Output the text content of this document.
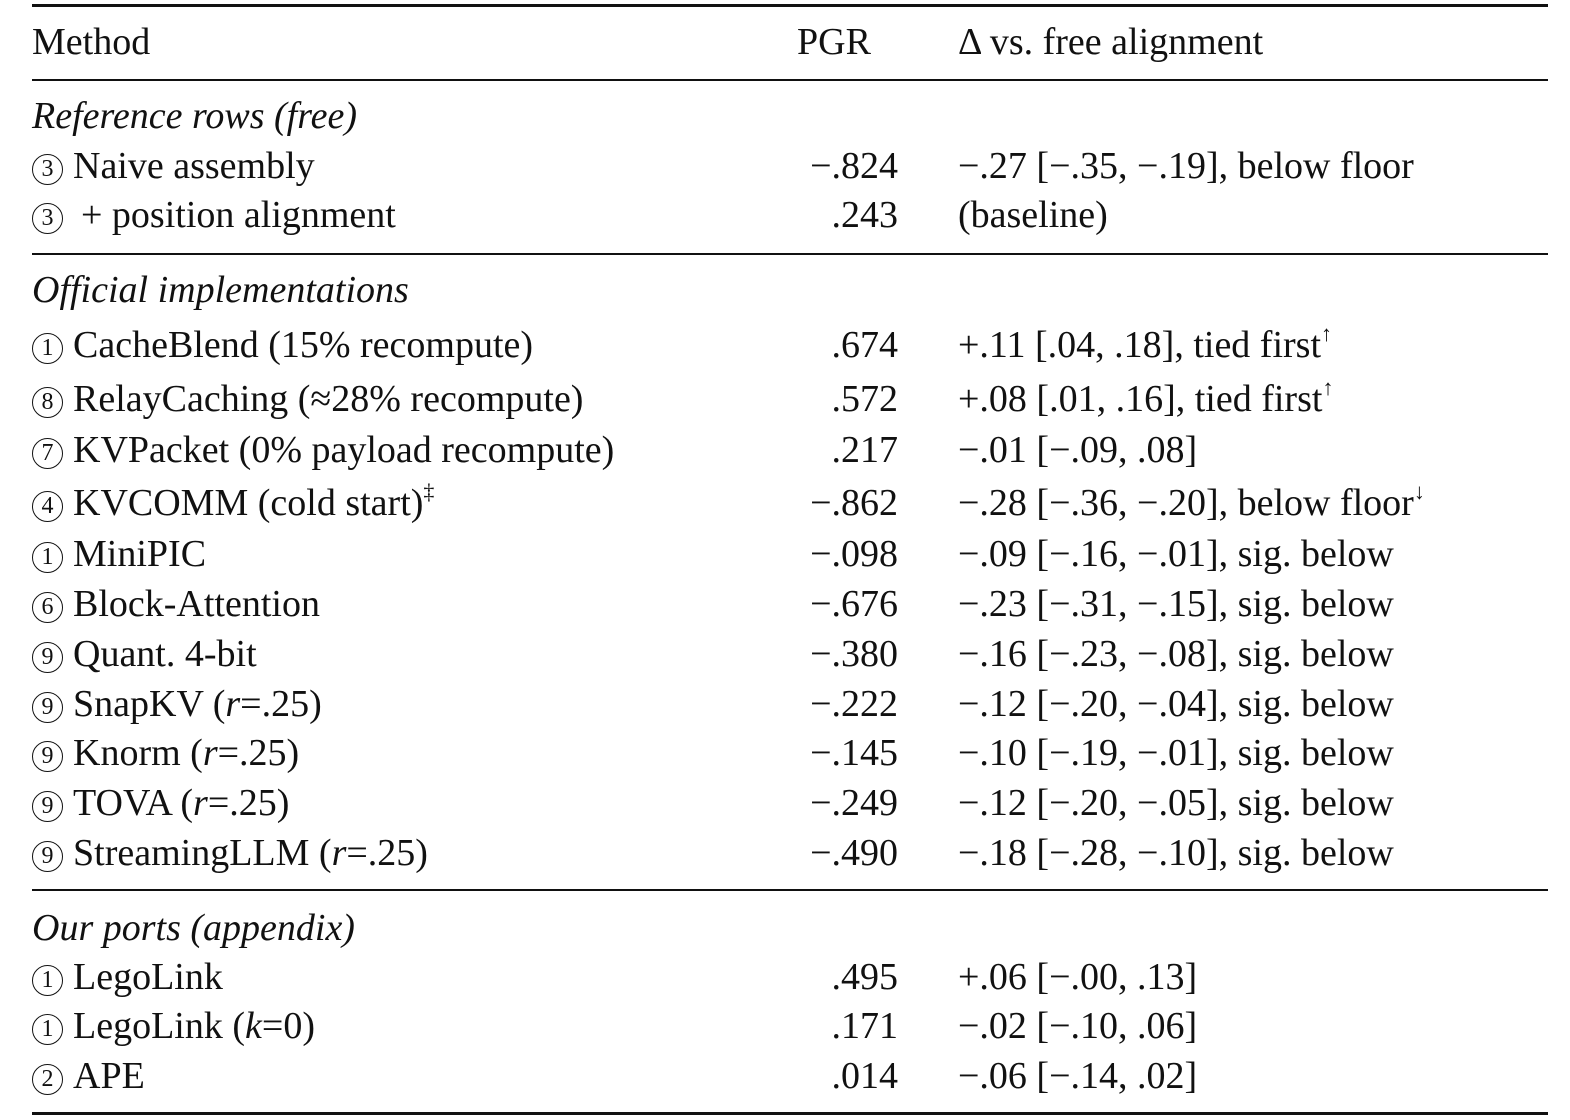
Method	PGR Δ vs. free alignment
Reference rows (free)
3 Naive assembly	−.824 −.27 [−.35, −.19], below floor
3 + position alignment	.243 (baseline)
Official implementations
1 CacheBlend (15% recompute)	.674 +.11 [.04, .18], tied first↑
8 RelayCaching (≈28% recompute)	.572 +.08 [.01, .16], tied first↑
7 KVPacket (0% payload recompute)	.217 −.01 [−.09, .08]
4 KVCOMM (cold start)‡	−.862 −.28 [−.36, −.20], below floor↓
1 MiniPIC	−.098 −.09 [−.16, −.01], sig. below
6 Block-Attention	−.676 −.23 [−.31, −.15], sig. below
9 Quant. 4-bit	−.380 −.16 [−.23, −.08], sig. below
9 SnapKV (r=.25)	−.222 −.12 [−.20, −.04], sig. below
9 Knorm (r=.25)	−.145 −.10 [−.19, −.01], sig. below
9 TOVA (r=.25)	−.249 −.12 [−.20, −.05], sig. below
9 StreamingLLM (r=.25)	−.490 −.18 [−.28, −.10], sig. below
Our ports (appendix)
1 LegoLink	.495 +.06 [−.00, .13]
1 LegoLink (k=0)	.171 −.02 [−.10, .06]
2 APE	.014 −.06 [−.14, .02]
